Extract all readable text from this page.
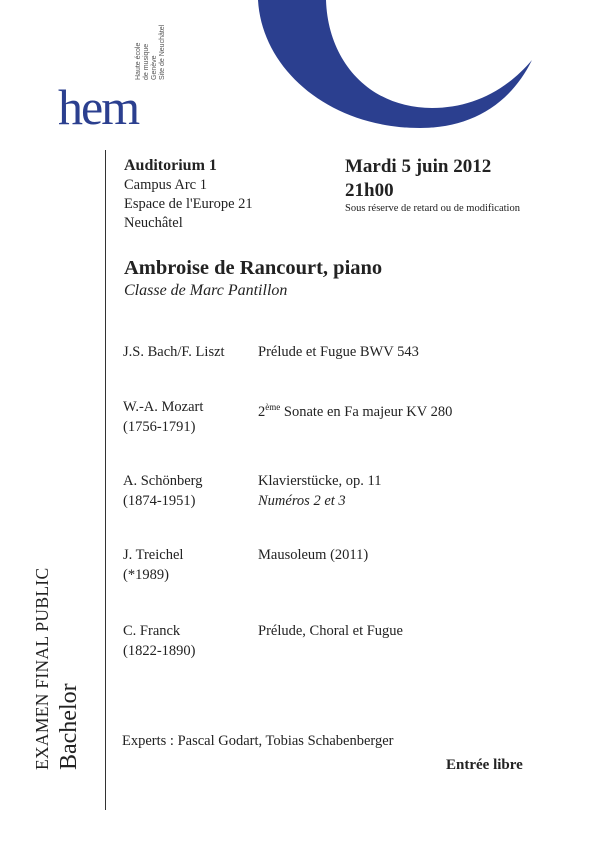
hem
Haute école de musique Genève Site de Neuchâtel
Auditorium 1
Campus Arc 1
Espace de l'Europe 21
Neuchâtel
Mardi 5 juin 2012
21h00
Sous réserve de retard ou de modification
Ambroise de Rancourt, piano
Classe de Marc Pantillon
J.S. Bach/F. Liszt Prélude et Fugue BWV 543
W.-A. Mozart
(1756-1791)
2ème Sonate en Fa majeur KV 280
A. Schönberg
(1874-1951)
Klavierstücke, op. 11
Numéros 2 et 3
J. Treichel
(*1989)
Mausoleum (2011)
C. Franck
(1822-1890)
Prélude, Choral et Fugue
Experts : Pascal Godart, Tobias Schabenberger
Entrée libre
EXAMEN FINAL PUBLIC Bachelor
